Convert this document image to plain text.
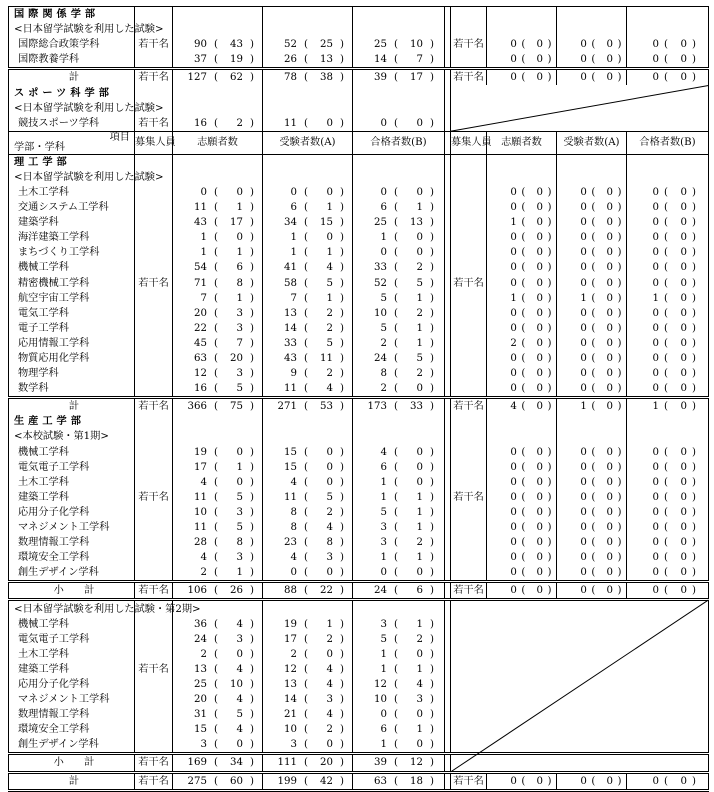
国際関係学部									
<日本留学試験を利用した試験>									
国際総合政策学科	若干名	90 ( 43 )	52 ( 25 )	25 ( 10 )		若干名	0 ( 0 )	0 ( 0 )	0 ( 0 )

国際教養学科		37 ( 19 )	26 ( 13 )	14 ( 7 )			0 ( 0 )	0 ( 0 )	0 ( 0 )

計	若干名	127 ( 62 )	78 ( 38 )	39 ( 17 )		若干名	0 ( 0 )	0 ( 0 )	0 ( 0 )

スポーツ科学部									
<日本留学試験を利用した試験>									
競技スポーツ学科	若干名	16 ( 2 )	11 ( 0 )	0 ( 0 )					

項目
学部・学科	募集人員	志願者数	受験者数(A)	合格者数(B)		募集人員	志願者数	受験者数(A)	合格者数(B)
理工学部									
<日本留学試験を利用した試験>									
土木工学科		0 ( 0 )	0 ( 0 )	0 ( 0 )			0 ( 0 )	0 ( 0 )	0 ( 0 )

交通システム工学科		11 ( 1 )	6 ( 1 )	6 ( 1 )			0 ( 0 )	0 ( 0 )	0 ( 0 )

建築学科		43 ( 17 )	34 ( 15 )	25 ( 13 )			1 ( 0 )	0 ( 0 )	0 ( 0 )

海洋建築工学科		1 ( 0 )	1 ( 0 )	1 ( 0 )			0 ( 0 )	0 ( 0 )	0 ( 0 )

まちづくり工学科		1 ( 1 )	1 ( 1 )	0 ( 0 )			0 ( 0 )	0 ( 0 )	0 ( 0 )

機械工学科		54 ( 6 )	41 ( 4 )	33 ( 2 )			0 ( 0 )	0 ( 0 )	0 ( 0 )

精密機械工学科	若干名	71 ( 8 )	58 ( 5 )	52 ( 5 )		若干名	0 ( 0 )	0 ( 0 )	0 ( 0 )

航空宇宙工学科		7 ( 1 )	7 ( 1 )	5 ( 1 )			1 ( 0 )	1 ( 0 )	1 ( 0 )

電気工学科		20 ( 3 )	13 ( 2 )	10 ( 2 )			0 ( 0 )	0 ( 0 )	0 ( 0 )

電子工学科		22 ( 3 )	14 ( 2 )	5 ( 1 )			0 ( 0 )	0 ( 0 )	0 ( 0 )

応用情報工学科		45 ( 7 )	33 ( 5 )	2 ( 1 )			2 ( 0 )	0 ( 0 )	0 ( 0 )

物質応用化学科		63 ( 20 )	43 ( 11 )	24 ( 5 )			0 ( 0 )	0 ( 0 )	0 ( 0 )

物理学科		12 ( 3 )	9 ( 2 )	8 ( 2 )			0 ( 0 )	0 ( 0 )	0 ( 0 )

数学科		16 ( 5 )	11 ( 4 )	2 ( 0 )			0 ( 0 )	0 ( 0 )	0 ( 0 )

計	若干名	366 ( 75 )	271 ( 53 )	173 ( 33 )		若干名	4 ( 0 )	1 ( 0 )	1 ( 0 )

生産工学部									
<本校試験・第1期>									
機械工学科		19 ( 0 )	15 ( 0 )	4 ( 0 )			0 ( 0 )	0 ( 0 )	0 ( 0 )

電気電子工学科		17 ( 1 )	15 ( 0 )	6 ( 0 )			0 ( 0 )	0 ( 0 )	0 ( 0 )

土木工学科		4 ( 0 )	4 ( 0 )	1 ( 0 )			0 ( 0 )	0 ( 0 )	0 ( 0 )

建築工学科	若干名	11 ( 5 )	11 ( 5 )	1 ( 1 )		若干名	0 ( 0 )	0 ( 0 )	0 ( 0 )

応用分子化学科		10 ( 3 )	8 ( 2 )	5 ( 1 )			0 ( 0 )	0 ( 0 )	0 ( 0 )

マネジメント工学科		11 ( 5 )	8 ( 4 )	3 ( 1 )			0 ( 0 )	0 ( 0 )	0 ( 0 )

数理情報工学科		28 ( 8 )	23 ( 8 )	3 ( 2 )			0 ( 0 )	0 ( 0 )	0 ( 0 )

環境安全工学科		4 ( 3 )	4 ( 3 )	1 ( 1 )			0 ( 0 )	0 ( 0 )	0 ( 0 )

創生デザイン学科		2 ( 1 )	0 ( 0 )	0 ( 0 )			0 ( 0 )	0 ( 0 )	0 ( 0 )

小　　計	若干名	106 ( 26 )	88 ( 22 )	24 ( 6 )		若干名	0 ( 0 )	0 ( 0 )	0 ( 0 )

<日本留学試験を利用した試験・第2期>									
機械工学科		36 ( 4 )	19 ( 1 )	3 ( 1 )					

電気電子工学科		24 ( 3 )	17 ( 2 )	5 ( 2 )					

土木工学科		2 ( 0 )	2 ( 0 )	1 ( 0 )					

建築工学科	若干名	13 ( 4 )	12 ( 4 )	1 ( 1 )					

応用分子化学科		25 ( 10 )	13 ( 4 )	12 ( 4 )					

マネジメント工学科		20 ( 4 )	14 ( 3 )	10 ( 3 )					

数理情報工学科		31 ( 5 )	21 ( 4 )	0 ( 0 )					

環境安全工学科		15 ( 4 )	10 ( 2 )	6 ( 1 )					

創生デザイン学科		3 ( 0 )	3 ( 0 )	1 ( 0 )					

小　　計	若干名	169 ( 34 )	111 ( 20 )	39 ( 12 )					

計	若干名	275 ( 60 )	199 ( 42 )	63 ( 18 )		若干名	0 ( 0 )	0 ( 0 )	0 ( 0 )
